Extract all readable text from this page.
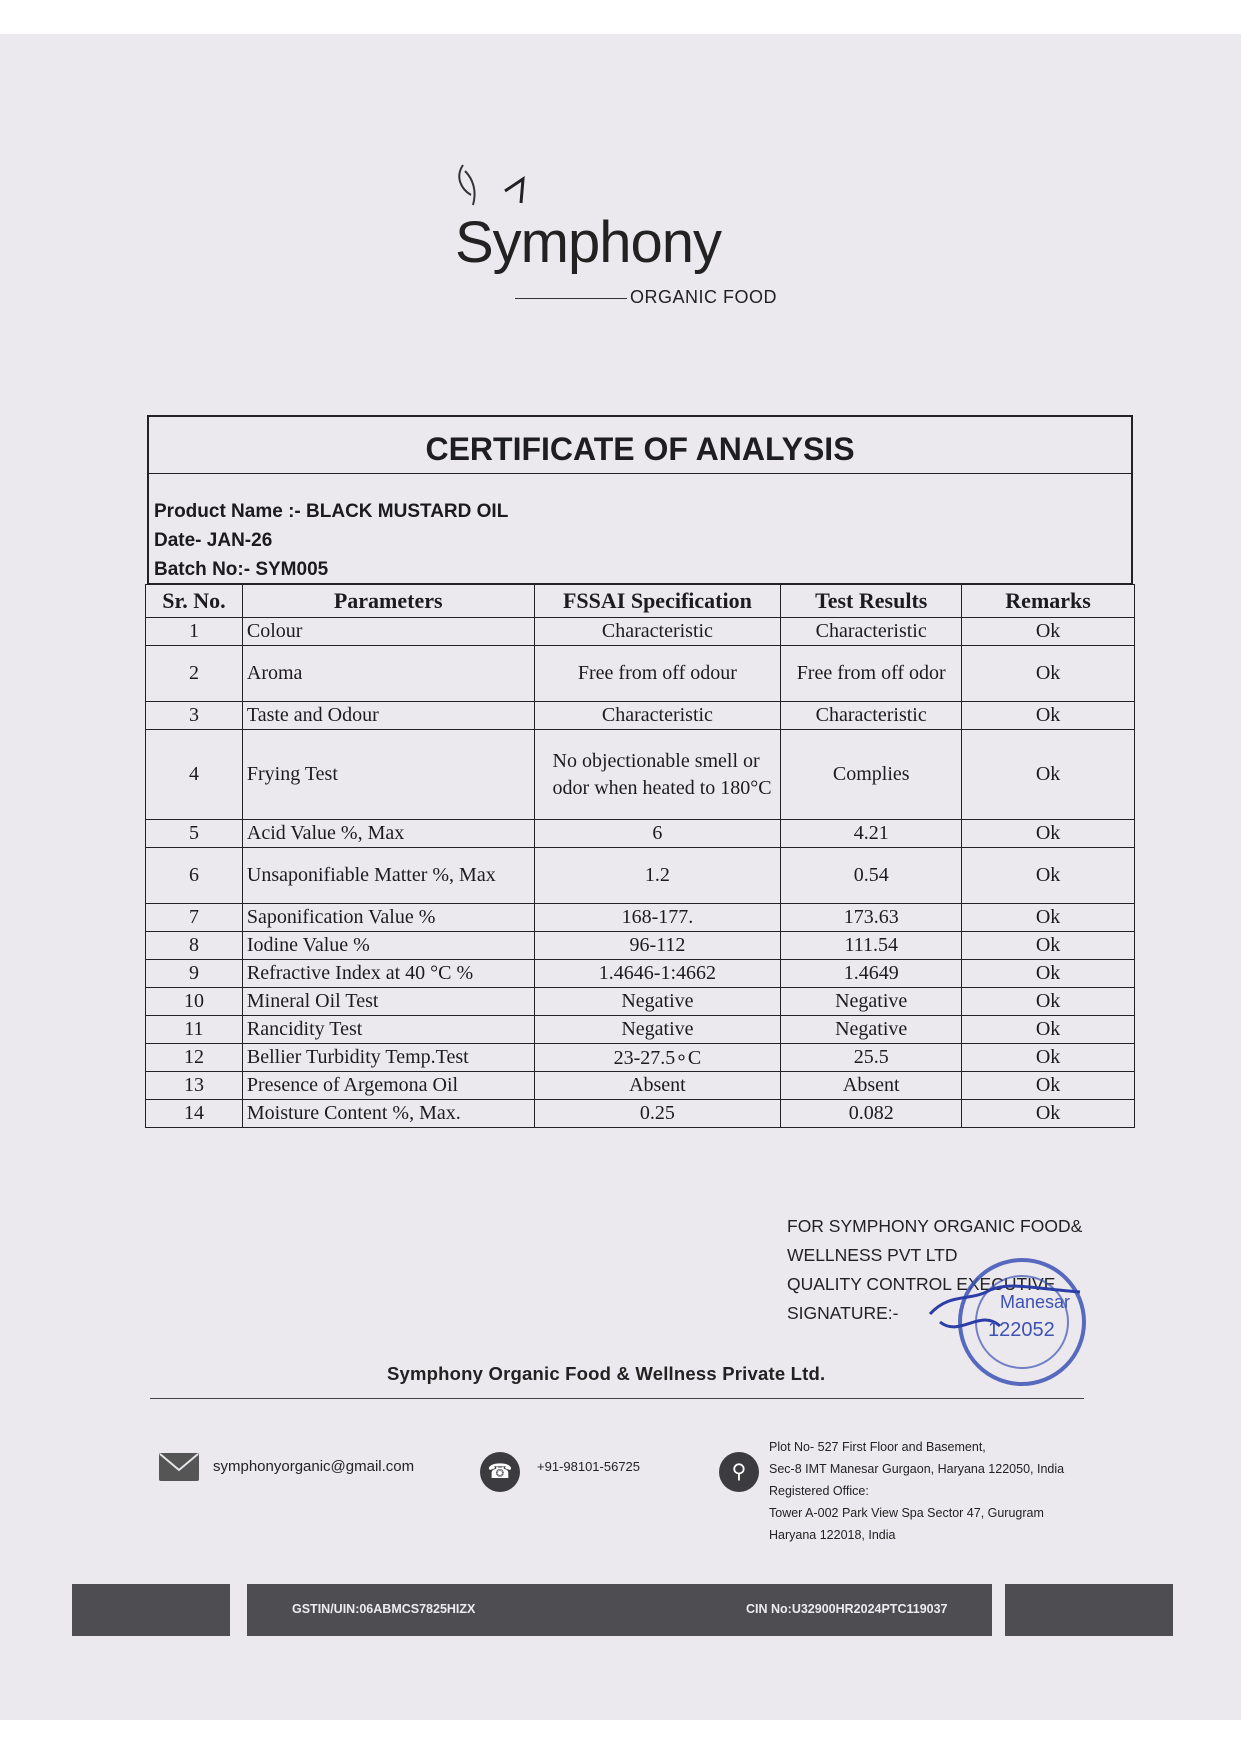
Symphony
ORGANIC FOOD
CERTIFICATE OF ANALYSIS
Product Name :- BLACK MUSTARD OIL
Date- JAN-26
Batch No:- SYM005
Sr. No.	Parameters	FSSAI Specification	Test Results	Remarks
1	Colour	Characteristic	Characteristic	Ok
2	Aroma	Free from off odour	Free from off odor	Ok
3	Taste and Odour	Characteristic	Characteristic	Ok
4	Frying Test	No objectionable smell or odor when heated to 180°C	Complies	Ok
5	Acid Value %, Max	6	4.21	Ok
6	Unsaponifiable Matter %, Max	1.2	0.54	Ok
7	Saponification Value %	168-177.	173.63	Ok
8	Iodine Value %	96-112	111.54	Ok
9	Refractive Index at 40 °C %	1.4646-1:4662	1.4649	Ok
10	Mineral Oil Test	Negative	Negative	Ok
11	Rancidity Test	Negative	Negative	Ok
12	Bellier Turbidity Temp.Test	23-27.5∘C	25.5	Ok
13	Presence of Argemona Oil	Absent	Absent	Ok
14	Moisture Content %, Max.	0.25	0.082	Ok
FOR SYMPHONY ORGANIC FOOD&
WELLNESS PVT LTD
QUALITY CONTROL EXECUTIVE
SIGNATURE:-
Manesar
122052
Symphony Organic Food & Wellness Private Ltd.
symphonyorganic@gmail.com	☎	+91-98101-56725	⚲
Plot No- 527 First Floor and Basement,
Sec-8 IMT Manesar Gurgaon, Haryana 122050, India
Registered Office:
Tower A-002 Park View Spa Sector 47, Gurugram
Haryana 122018, India
GSTIN/UIN:06ABMCS7825HIZX	CIN No:U32900HR2024PTC119037
